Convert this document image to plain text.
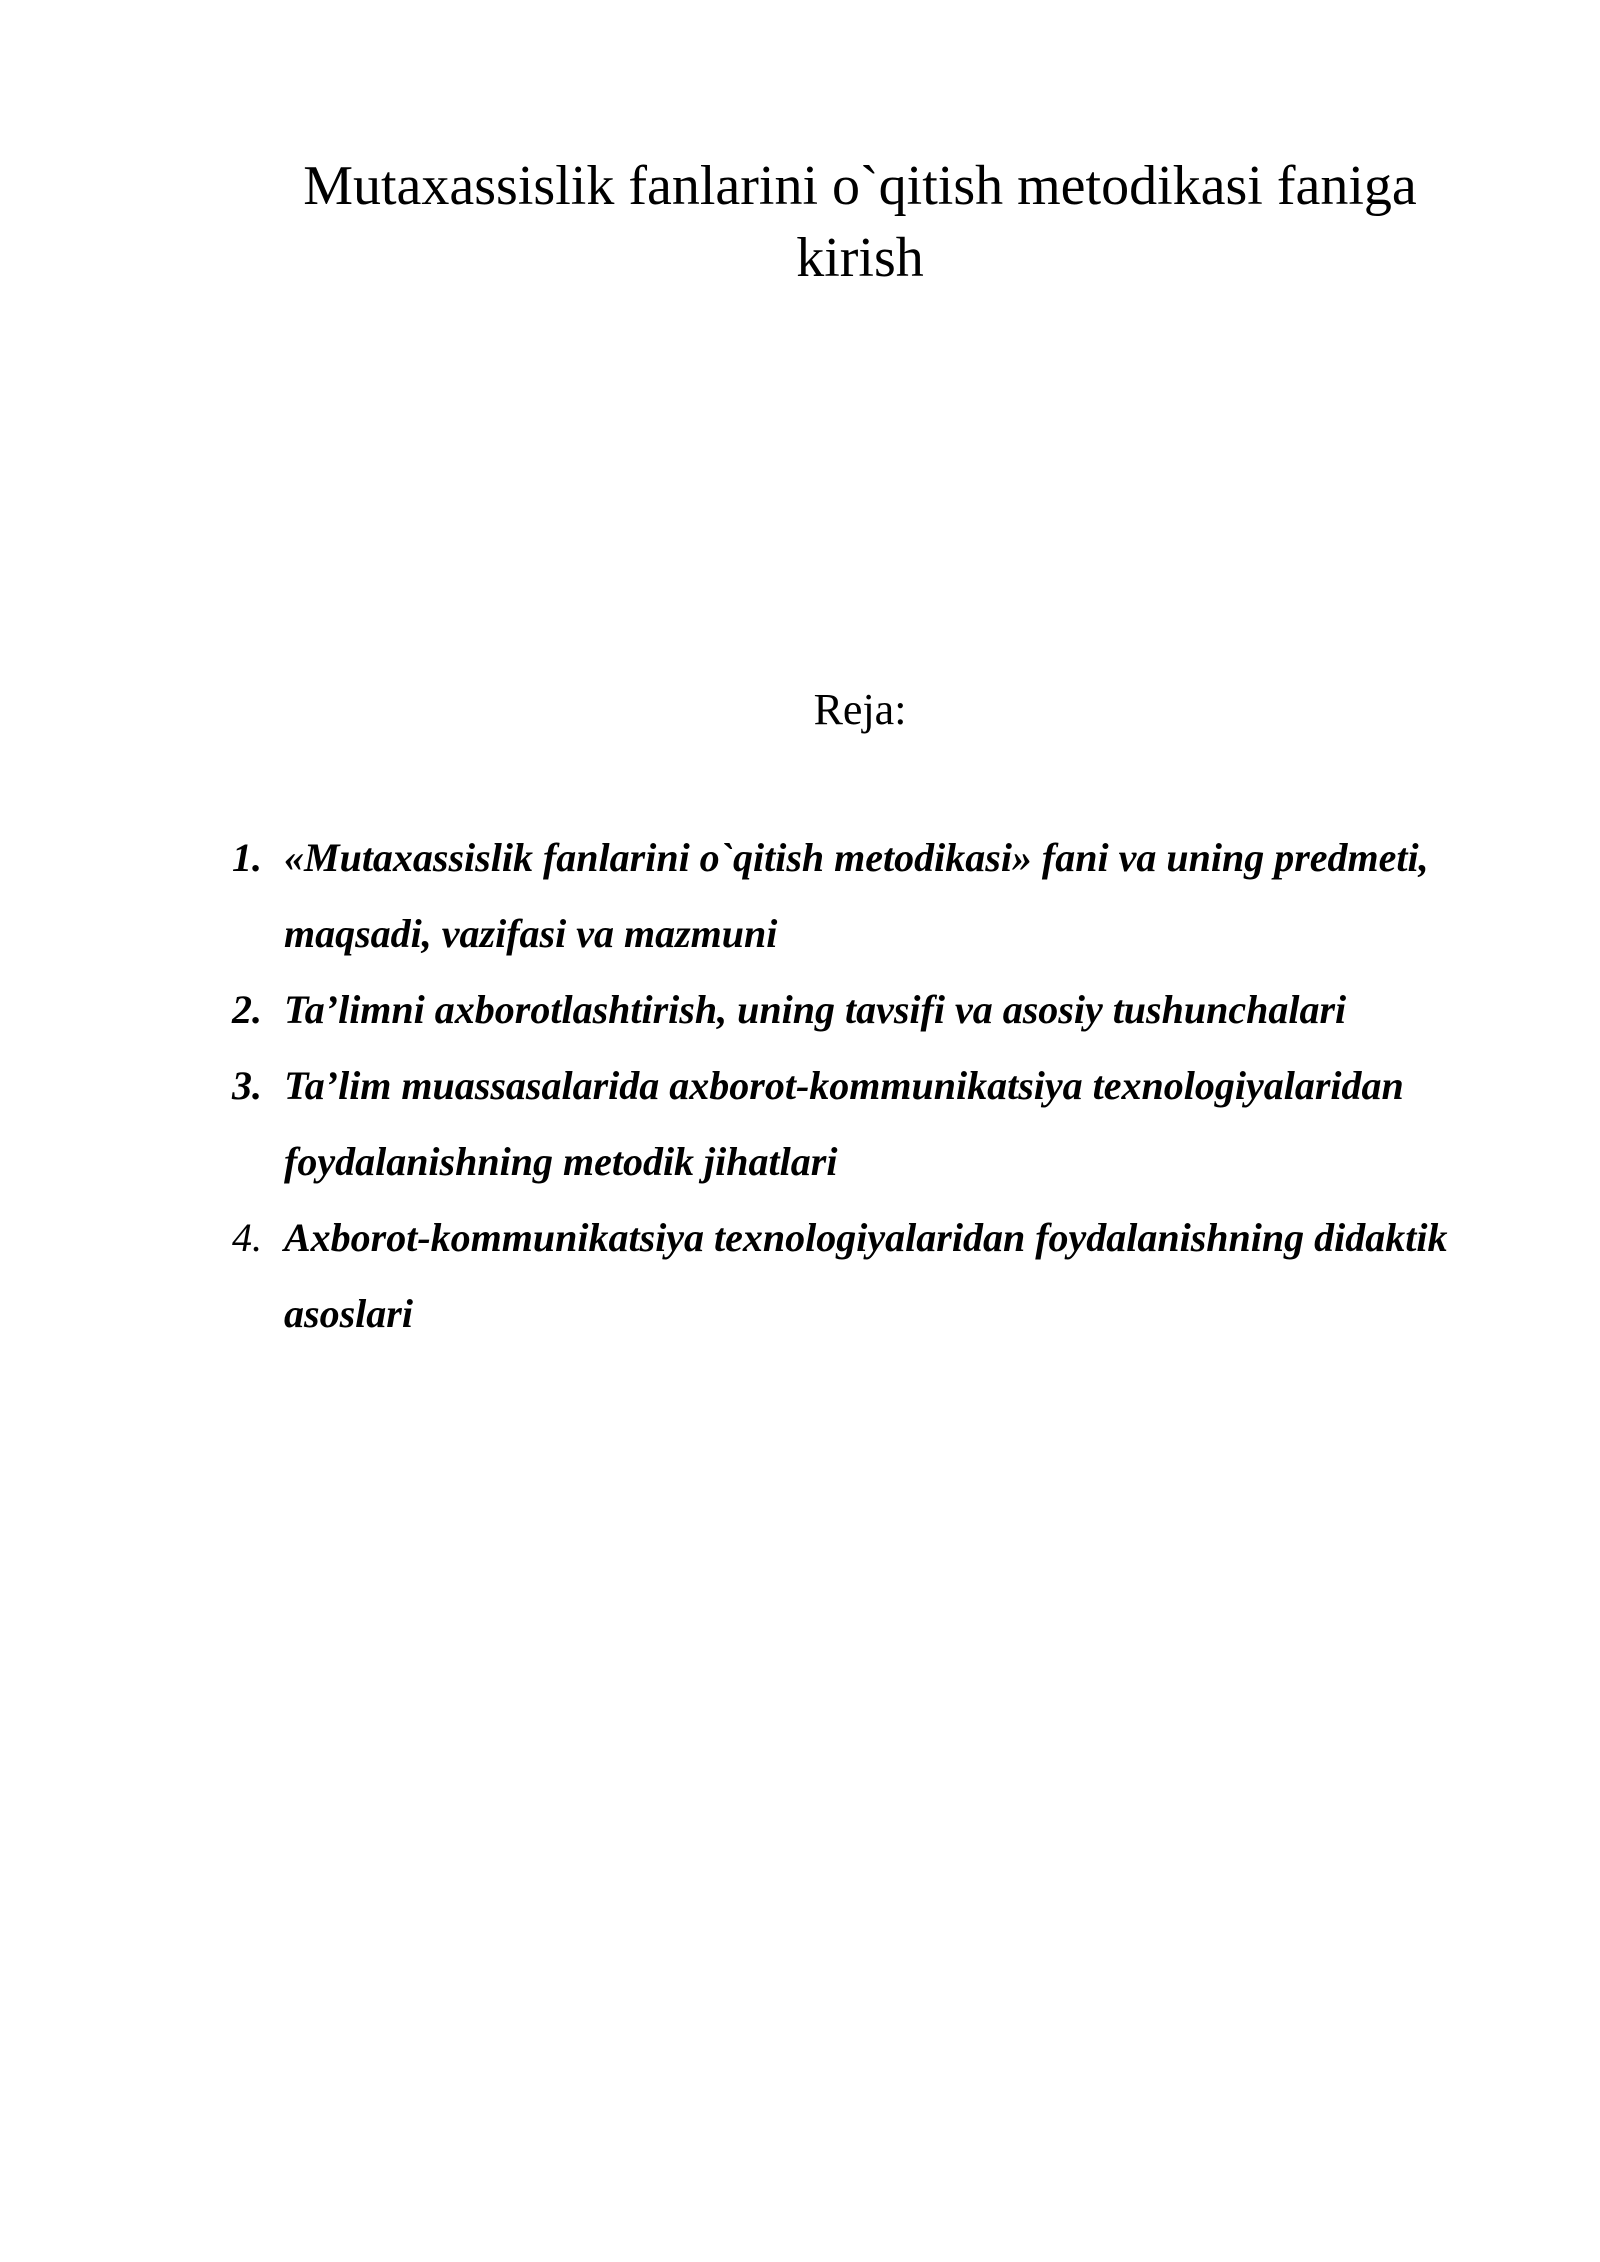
Mutaxassislik fanlarini o`qitish metodikasi faniga
kirish
Reja:
1. «Mutaxassislik fanlarini o`qitish metodikasi» fani va uning predmeti, maqsadi, vazifasi va mazmuni
2. Ta’limni axborotlashtirish, uning tavsifi va asosiy tushunchalari
3. Ta’lim muassasalarida axborot-kommunikatsiya texnologiyalaridan foydalanishning metodik jihatlari
4. Axborot-kommunikatsiya texnologiyalaridan foydalanishning didaktik asoslari
